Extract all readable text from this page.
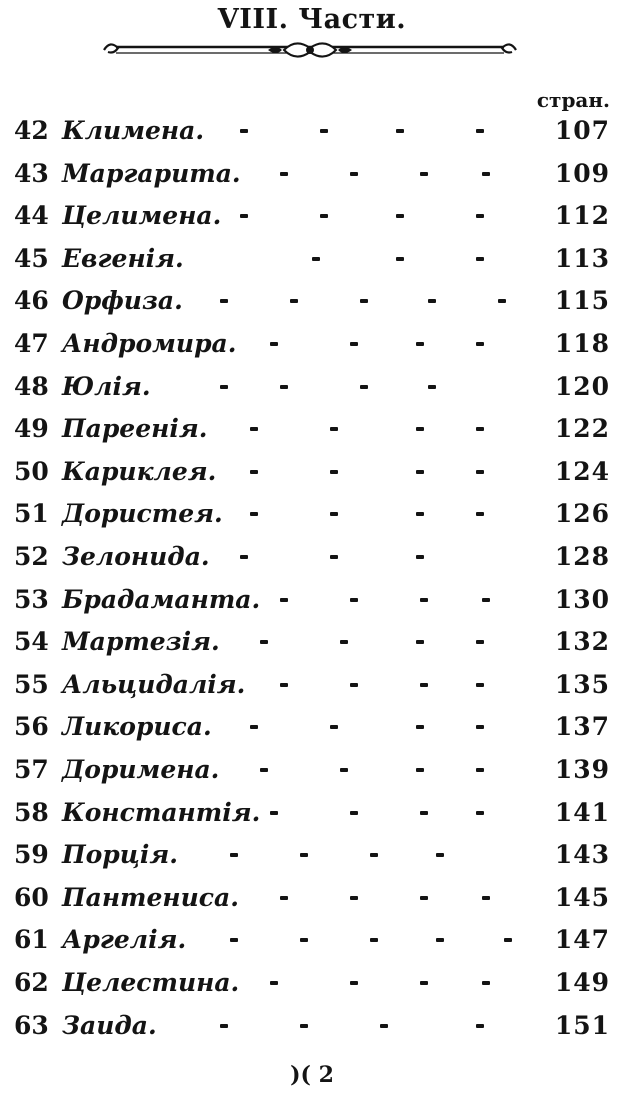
VIII. Части.
стран.
42 Климена.	107
43 Маргарита.	109
44 Целимена.	112
45 Евгенія.	113
46 Орфиза.	115
47 Андромира.	118
48 Юлія.	120
49 Пареенія.	122
50 Кариклея.	124
51 Дористея.	126
52 Зелонида.	128
53 Брадаманта.	130
54 Мартезія.	132
55 Альцидалія.	135
56 Ликориса.	137
57 Доримена.	139
58 Константія.	141
59 Порція.	143
60 Пантениса.	145
61 Аргелія.	147
62 Целестина.	149
63 Заида.	151
)( 2
